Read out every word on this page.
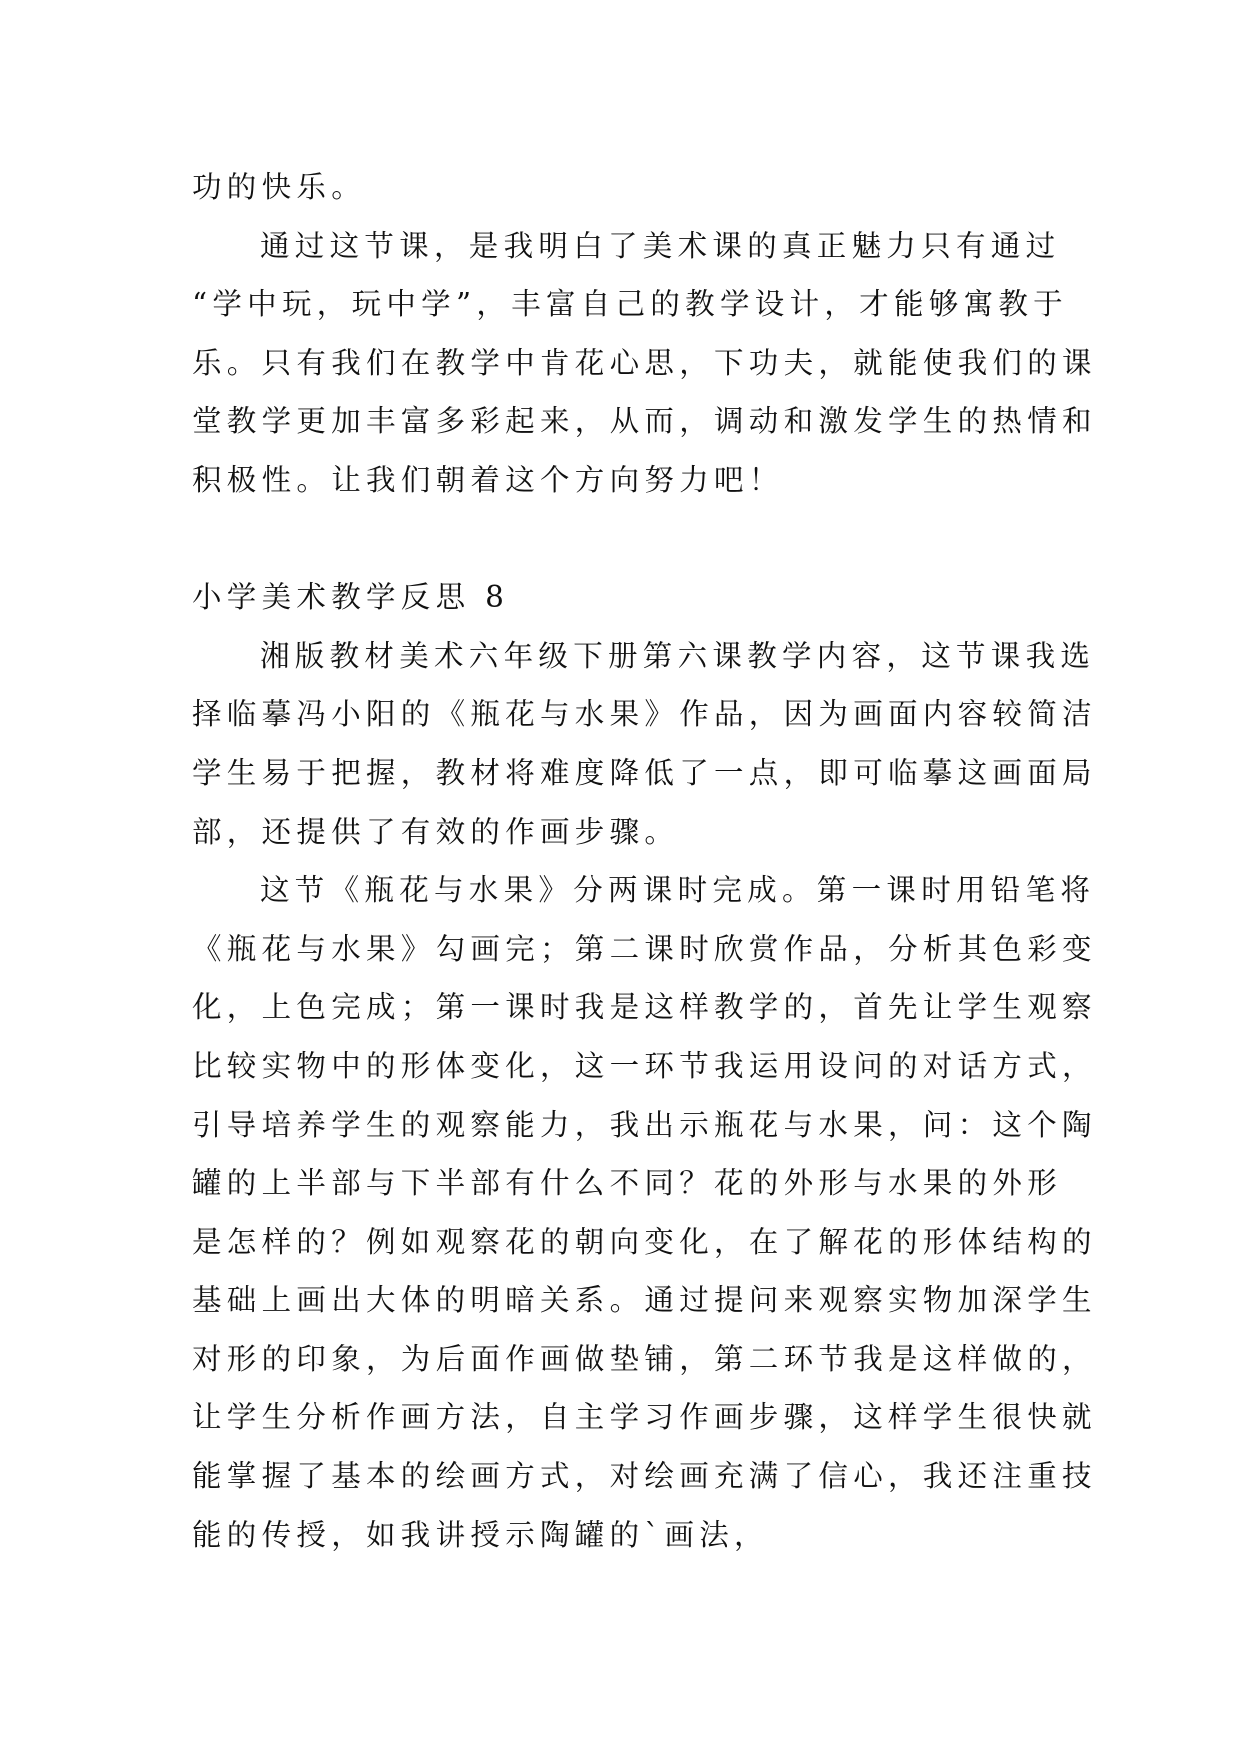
功的快乐。
通过这节课，是我明白了美术课的真正魅力只有通过
“学中玩，玩中学”，丰富自己的教学设计，才能够寓教于
乐。只有我们在教学中肯花心思，下功夫，就能使我们的课
堂教学更加丰富多彩起来，从而，调动和激发学生的热情和
积极性。让我们朝着这个方向努力吧！
小学美术教学反思 8
湘版教材美术六年级下册第六课教学内容，这节课我选
择临摹冯小阳的《瓶花与水果》作品，因为画面内容较简洁
学生易于把握，教材将难度降低了一点，即可临摹这画面局
部，还提供了有效的作画步骤。
这节《瓶花与水果》分两课时完成。第一课时用铅笔将
《瓶花与水果》勾画完；第二课时欣赏作品，分析其色彩变
化，上色完成；第一课时我是这样教学的，首先让学生观察
比较实物中的形体变化，这一环节我运用设问的对话方式，
引导培养学生的观察能力，我出示瓶花与水果，问：这个陶
罐的上半部与下半部有什么不同？花的外形与水果的外形
是怎样的？例如观察花的朝向变化，在了解花的形体结构的
基础上画出大体的明暗关系。通过提问来观察实物加深学生
对形的印象，为后面作画做垫铺，第二环节我是这样做的，
让学生分析作画方法，自主学习作画步骤，这样学生很快就
能掌握了基本的绘画方式，对绘画充满了信心，我还注重技
能的传授，如我讲授示陶罐的`画法，
